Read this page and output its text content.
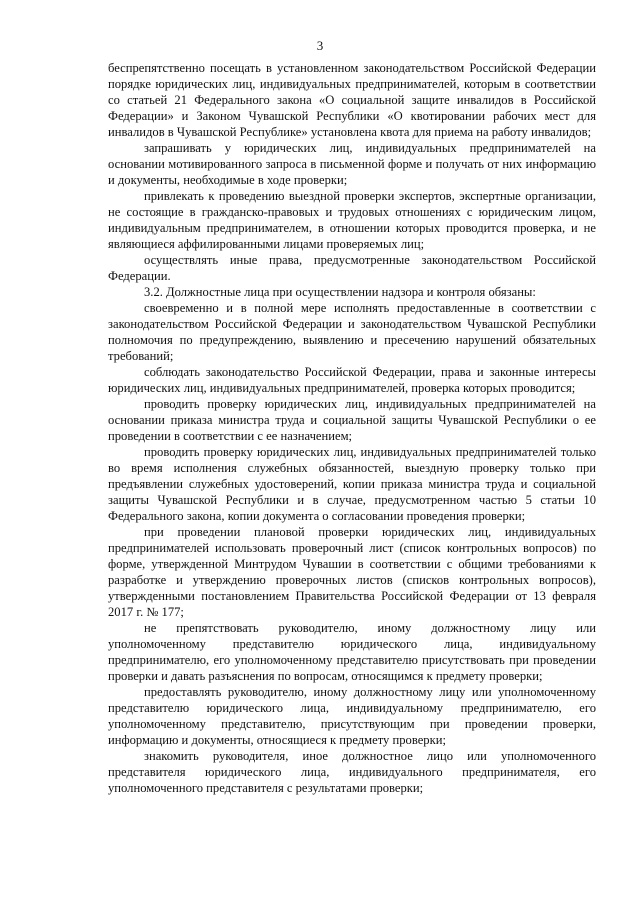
3

беспрепятственно посещать в установленном законодательством Российской Федерации порядке юридических лиц, индивидуальных предпринимателей, которым в соответствии со статьей 21 Федерального закона «О социальной защите инвалидов в Российской Федерации» и Законом Чувашской Республики «О квотировании рабочих мест для инвалидов в Чувашской Республике» установлена квота для приема на работу инвалидов;

запрашивать у юридических лиц, индивидуальных предпринимателей на основании мотивированного запроса в письменной форме и получать от них информацию и документы, необходимые в ходе проверки;

привлекать к проведению выездной проверки экспертов, экспертные организации, не состоящие в гражданско-правовых и трудовых отношениях с юридическим лицом, индивидуальным предпринимателем, в отношении которых проводится проверка, и не являющиеся аффилированными лицами проверяемых лиц;

осуществлять иные права, предусмотренные законодательством Российской Федерации.

3.2. Должностные лица при осуществлении надзора и контроля обязаны:

своевременно и в полной мере исполнять предоставленные в соответствии с законодательством Российской Федерации и законодательством Чувашской Республики полномочия по предупреждению, выявлению и пресечению нарушений обязательных требований;

соблюдать законодательство Российской Федерации, права и законные интересы юридических лиц, индивидуальных предпринимателей, проверка которых проводится;

проводить проверку юридических лиц, индивидуальных предпринимателей на основании приказа министра труда и социальной защиты Чувашской Республики о ее проведении в соответствии с ее назначением;

проводить проверку юридических лиц, индивидуальных предпринимателей только во время исполнения служебных обязанностей, выездную проверку только при предъявлении служебных удостоверений, копии приказа министра труда и социальной защиты Чувашской Республики и в случае, предусмотренном частью 5 статьи 10 Федерального закона, копии документа о согласовании проведения проверки;

при проведении плановой проверки юридических лиц, индивидуальных предпринимателей использовать проверочный лист (список контрольных вопросов) по форме, утвержденной Минтрудом Чувашии в соответствии с общими требованиями к разработке и утверждению проверочных листов (списков контрольных вопросов), утвержденными постановлением Правительства Российской Федерации от 13 февраля 2017 г. № 177;

не препятствовать руководителю, иному должностному лицу или уполномоченному представителю юридического лица, индивидуальному предпринимателю, его уполномоченному представителю присутствовать при проведении проверки и давать разъяснения по вопросам, относящимся к предмету проверки;

предоставлять руководителю, иному должностному лицу или уполномоченному представителю юридического лица, индивидуальному предпринимателю, его уполномоченному представителю, присутствующим при проведении проверки, информацию и документы, относящиеся к предмету проверки;

знакомить руководителя, иное должностное лицо или уполномоченного представителя юридического лица, индивидуального предпринимателя, его уполномоченного представителя с результатами проверки;
